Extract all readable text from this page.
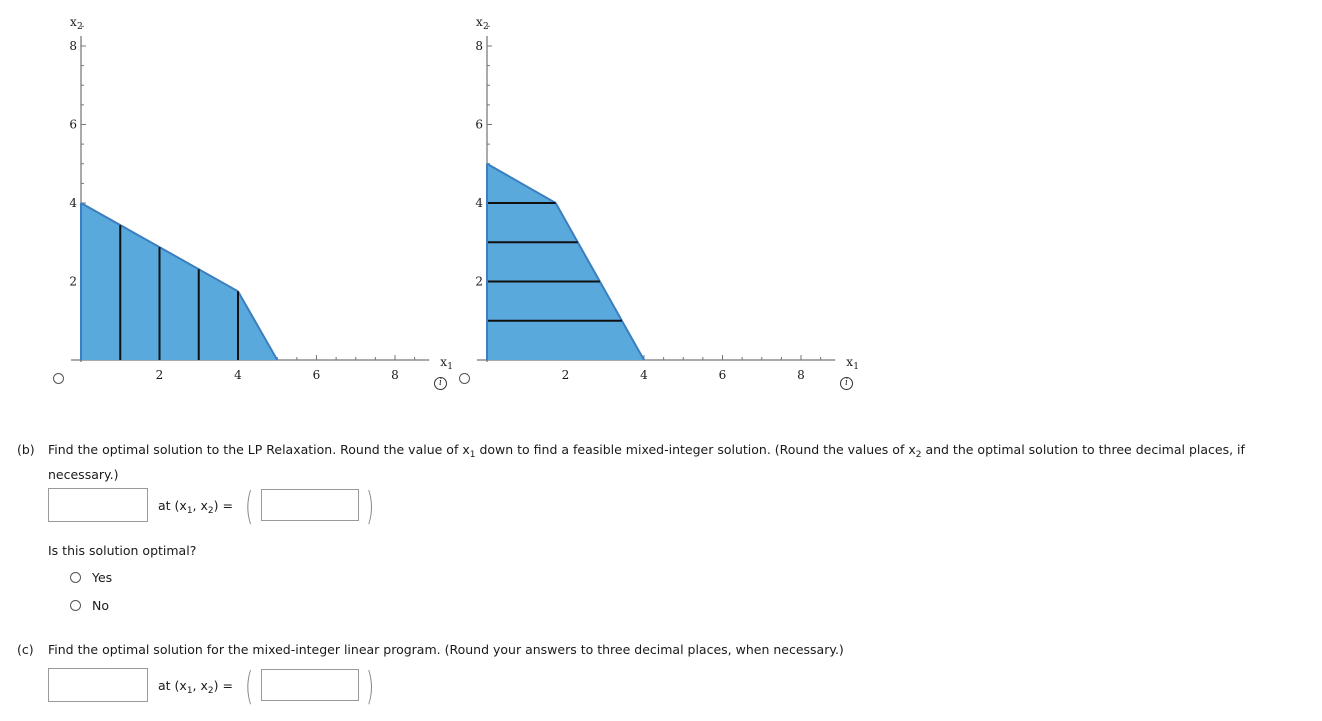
2	4	6	8
2
4
6
8
x 1
x 2
2	4	6	8
2
4
6
8
x 1
x 2
i	i
(b) Find the optimal solution to the LP Relaxation. Round the value of $x_1$ down to find a feasible mixed-integer solution. (Round the values of $x_2$ and the optimal solution to three decimal places, if
necessary.)
at ($x_1$, $x_2$) = (	)
Is this solution optimal?
Yes
No
(c) Find the optimal solution for the mixed-integer linear program. (Round your answers to three decimal places, when necessary.)
at ($x_1$, $x_2$) = (	)
